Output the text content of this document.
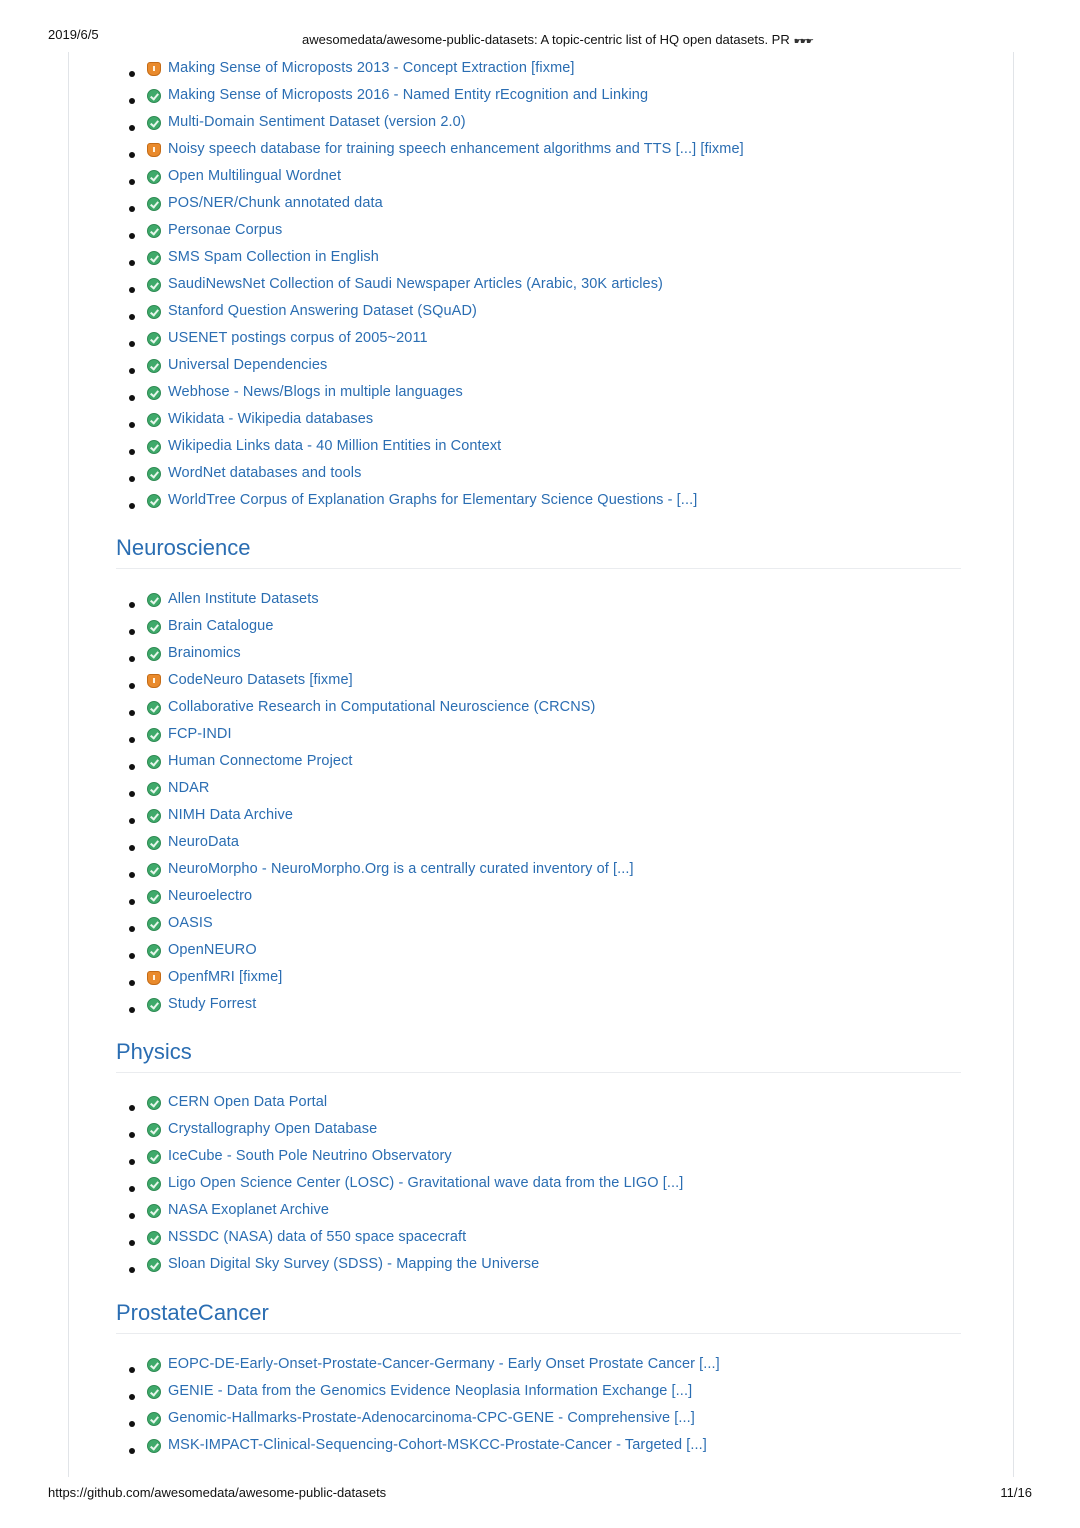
2019/6/5	awesomedata/awesome-public-datasets: A topic-centric list of HQ open datasets. PR ☛☛☛
Making Sense of Microposts 2013 - Concept Extraction [fixme]
Making Sense of Microposts 2016 - Named Entity rEcognition and Linking
Multi-Domain Sentiment Dataset (version 2.0)
Noisy speech database for training speech enhancement algorithms and TTS [...] [fixme]
Open Multilingual Wordnet
POS/NER/Chunk annotated data
Personae Corpus
SMS Spam Collection in English
SaudiNewsNet Collection of Saudi Newspaper Articles (Arabic, 30K articles)
Stanford Question Answering Dataset (SQuAD)
USENET postings corpus of 2005~2011
Universal Dependencies
Webhose - News/Blogs in multiple languages
Wikidata - Wikipedia databases
Wikipedia Links data - 40 Million Entities in Context
WordNet databases and tools
WorldTree Corpus of Explanation Graphs for Elementary Science Questions - [...]
Neuroscience
Allen Institute Datasets
Brain Catalogue
Brainomics
CodeNeuro Datasets [fixme]
Collaborative Research in Computational Neuroscience (CRCNS)
FCP-INDI
Human Connectome Project
NDAR
NIMH Data Archive
NeuroData
NeuroMorpho - NeuroMorpho.Org is a centrally curated inventory of [...]
Neuroelectro
OASIS
OpenNEURO
OpenfMRI [fixme]
Study Forrest
Physics
CERN Open Data Portal
Crystallography Open Database
IceCube - South Pole Neutrino Observatory
Ligo Open Science Center (LOSC) - Gravitational wave data from the LIGO [...]
NASA Exoplanet Archive
NSSDC (NASA) data of 550 space spacecraft
Sloan Digital Sky Survey (SDSS) - Mapping the Universe
ProstateCancer
EOPC-DE-Early-Onset-Prostate-Cancer-Germany - Early Onset Prostate Cancer [...]
GENIE - Data from the Genomics Evidence Neoplasia Information Exchange [...]
Genomic-Hallmarks-Prostate-Adenocarcinoma-CPC-GENE - Comprehensive [...]
MSK-IMPACT-Clinical-Sequencing-Cohort-MSKCC-Prostate-Cancer - Targeted [...]
https://github.com/awesomedata/awesome-public-datasets	11/16
